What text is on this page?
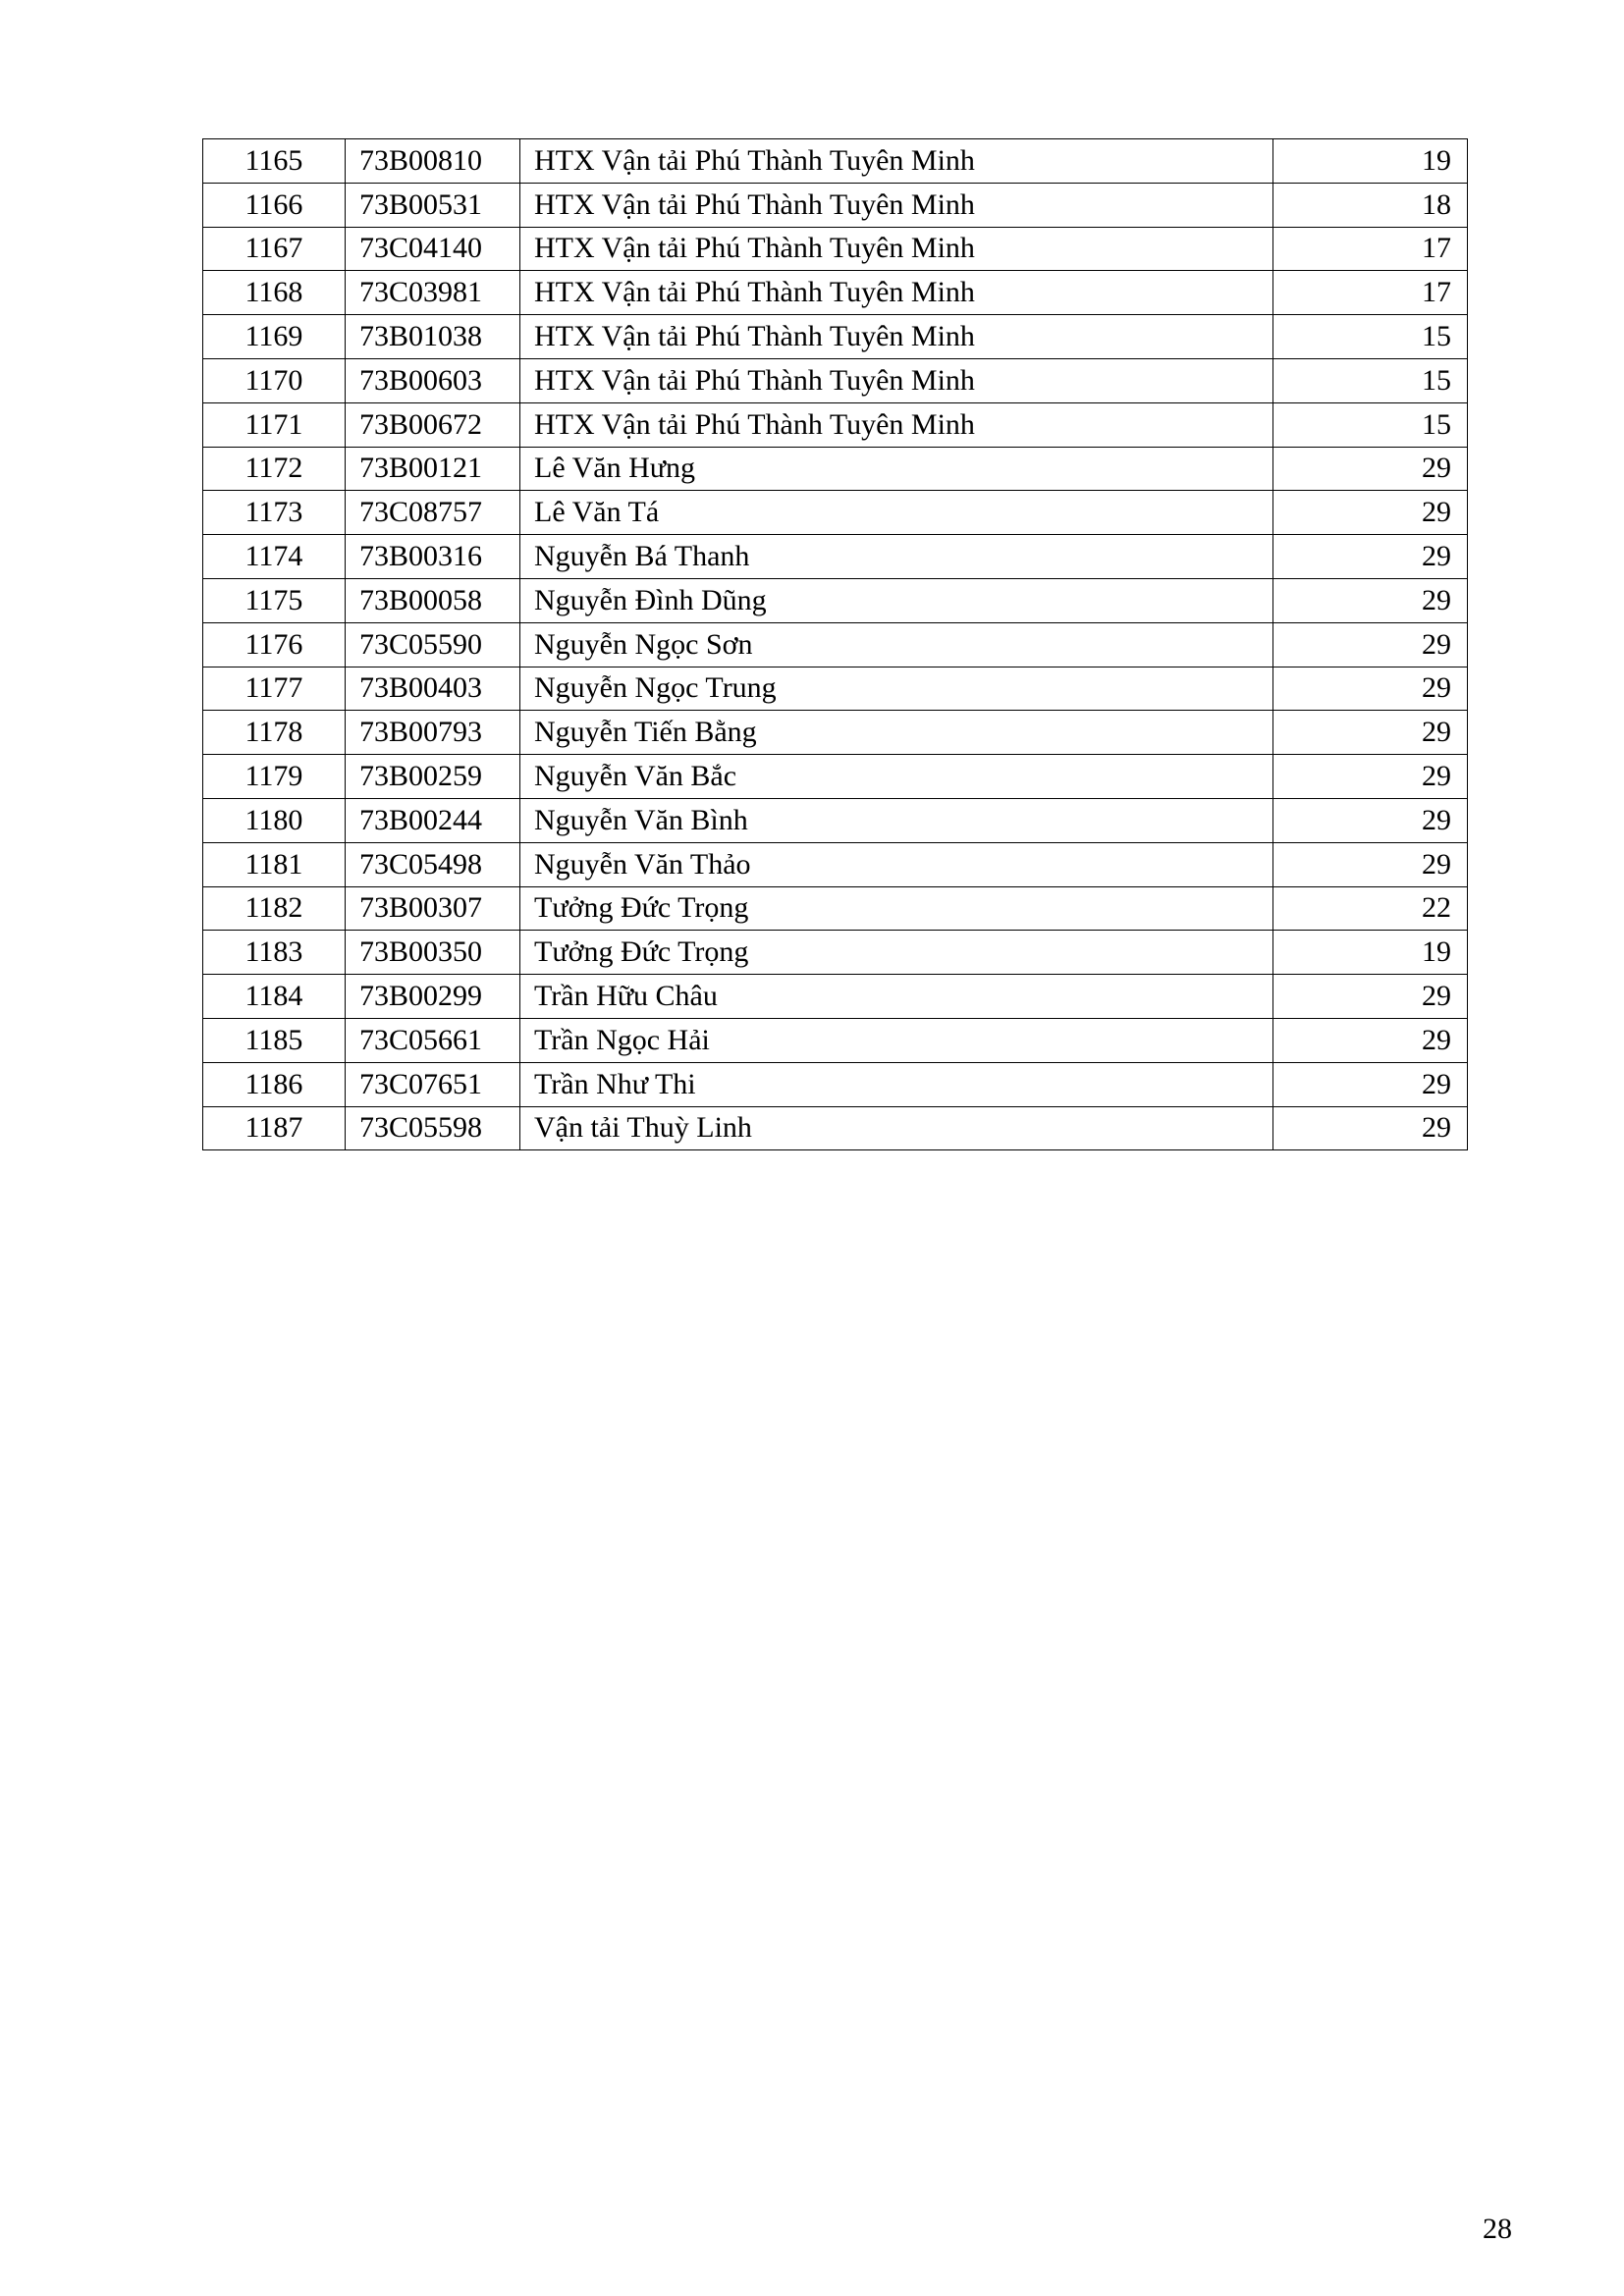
1165	73B00810	HTX Vận tải Phú Thành Tuyên Minh	19
1166	73B00531	HTX Vận tải Phú Thành Tuyên Minh	18
1167	73C04140	HTX Vận tải Phú Thành Tuyên Minh	17
1168	73C03981	HTX Vận tải Phú Thành Tuyên Minh	17
1169	73B01038	HTX Vận tải Phú Thành Tuyên Minh	15
1170	73B00603	HTX Vận tải Phú Thành Tuyên Minh	15
1171	73B00672	HTX Vận tải Phú Thành Tuyên Minh	15
1172	73B00121	Lê Văn Hưng	29
1173	73C08757	Lê Văn Tá	29
1174	73B00316	Nguyễn Bá Thanh	29
1175	73B00058	Nguyễn Đình Dũng	29
1176	73C05590	Nguyễn Ngọc Sơn	29
1177	73B00403	Nguyễn Ngọc Trung	29
1178	73B00793	Nguyễn Tiến Bằng	29
1179	73B00259	Nguyễn Văn Bắc	29
1180	73B00244	Nguyễn Văn Bình	29
1181	73C05498	Nguyễn Văn Thảo	29
1182	73B00307	Tưởng Đức Trọng	22
1183	73B00350	Tưởng Đức Trọng	19
1184	73B00299	Trần Hữu Châu	29
1185	73C05661	Trần Ngọc Hải	29
1186	73C07651	Trần Như Thi	29
1187	73C05598	Vận tải Thuỳ Linh	29
28
